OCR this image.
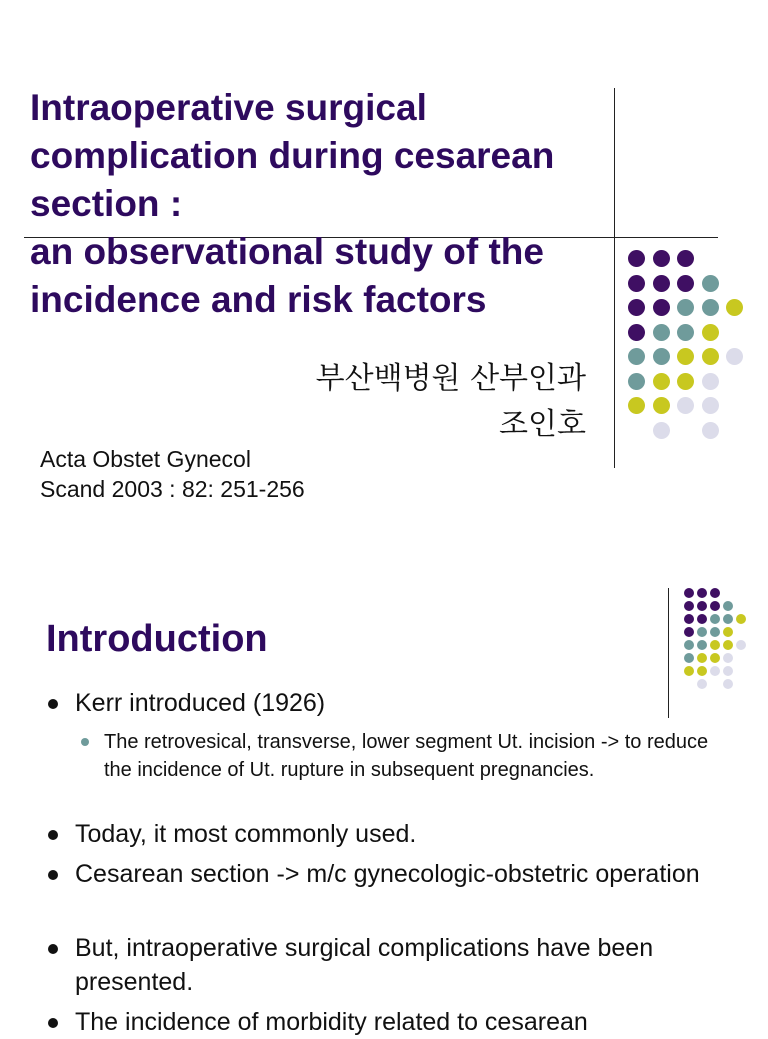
Intraoperative surgical

complication during cesarean

section :

an observational study of the

incidence and risk factors

부산백병원 산부인과

조인호

Acta Obstet Gynecol

Scand 2003 : 82: 251-256

Introduction

Kerr introduced (1926)

The retrovesical, transverse, lower segment Ut. incision -> to reduce the incidence of Ut. rupture in subsequent pregnancies.

Today, it most commonly used.

Cesarean section -> m/c gynecologic-obstetric operation

But, intraoperative surgical complications have been presented.

The incidence of morbidity related to cesarean
